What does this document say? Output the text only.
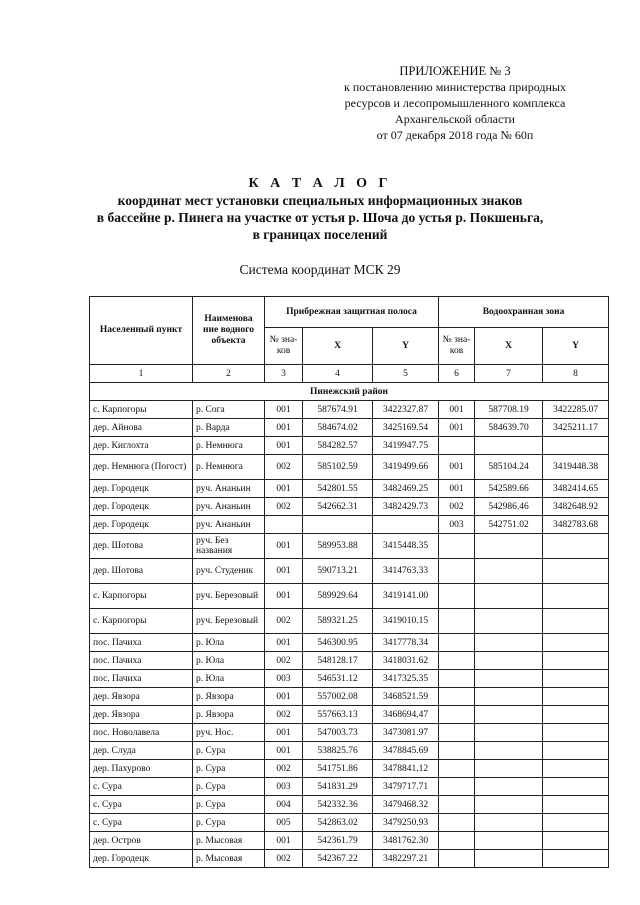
ПРИЛОЖЕНИЕ № 3
к постановлению министерства природных
ресурсов и лесопромышленного комплекса
Архангельской области
от 07 декабря 2018 года № 60п
К А Т А Л О Г
координат мест установки специальных информационных знаков
в бассейне р. Пинега на участке от устья р. Шоча до устья р. Покшеньга,
в границах поселений
Система координат МСК 29
Населенный пункт	Наименова ние водного объекта	Прибрежная защитная полоса			Водоохранная зона		
		№ зна-ков	X	Y	№ зна-ков	X	Y
1	2	3	4	5	6	7	8
Пинежский район							
с. Карпогоры	р. Сога	001	587674.91	3422327.87	001	587708.19	3422285.07
дер. Айнова	р. Варда	001	584674.02	3425169.54	001	584639.70	3425211.17
дер. Киглохта	р. Немнюга	001	584282.57	3419947.75			
дер. Немнюга (Погост)	р. Немнюга	002	585102.59	3419499.66	001	585104.24	3419448.38
дер. Городецк	руч. Ананьин	001	542801.55	3482469.25	001	542589.66	3482414.65
дер. Городецк	руч. Ананьин	002	542662.31	3482429.73	002	542986.46	3482648.92
дер. Городецк	руч. Ананьин				003	542751.02	3482783.68
дер. Шотова	руч. Без названия	001	589953.88	3415448.35			
дер. Шотова	руч. Студеник	001	590713.21	3414763.33			
с. Карпогоры	руч. Березовый	001	589929.64	3419141.00			
с. Карпогоры	руч. Березовый	002	589321.25	3419010.15			
пос. Пачиха	р. Юла	001	546300.95	3417778.34			
пос. Пачиха	р. Юла	002	548128.17	3418031.62			
пос. Пачиха	р. Юла	003	546531.12	3417325.35			
дер. Явзора	р. Явзора	001	557002.08	3468521.59			
дер. Явзора	р. Явзора	002	557663.13	3468694.47			
пос. Новолавела	руч. Нос.	001	547003.73	3473081.97			
дер. Слуда	р. Сура	001	538825.76	3478845.69			
дер. Пахурово	р. Сура	002	541751.86	3478841.12			
с. Сура	р. Сура	003	541831.29	3479717.71			
с. Сура	р. Сура	004	542332.36	3479468.32			
с. Сура	р. Сура	005	542863.02	3479250.93			
дер. Остров	р. Мысовая	001	542361.79	3481762.30			
дер. Городецк	р. Мысовая	002	542367.22	3482297.21			
